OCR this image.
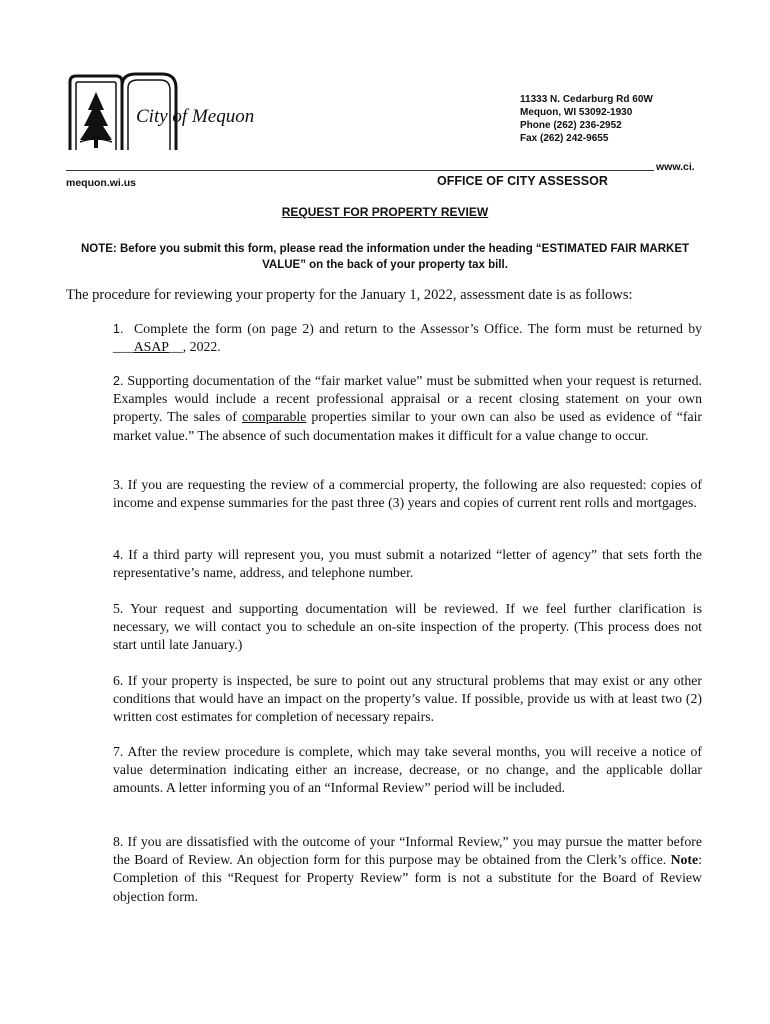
City of Mequon
11333 N. Cedarburg Rd 60W
Mequon, WI 53092-1930
Phone (262) 236-2952
Fax (262) 242-9655
www.ci.
mequon.wi.us	OFFICE OF CITY ASSESSOR
REQUEST FOR PROPERTY REVIEW
NOTE: Before you submit this form, please read the information under the heading “ESTIMATED FAIR MARKET VALUE” on the back of your property tax bill.
The procedure for reviewing your property for the January 1, 2022, assessment date is as follows:
1. Complete the form (on page 2) and return to the Assessor’s Office. The form must be returned by ___ASAP__, 2022.
2. Supporting documentation of the “fair market value” must be submitted when your request is returned. Examples would include a recent professional appraisal or a recent closing statement on your own property. The sales of comparable properties similar to your own can also be used as evidence of “fair market value.” The absence of such documentation makes it difficult for a value change to occur.
3. If you are requesting the review of a commercial property, the following are also requested: copies of income and expense summaries for the past three (3) years and copies of current rent rolls and mortgages.
4. If a third party will represent you, you must submit a notarized “letter of agency” that sets forth the representative’s name, address, and telephone number.
5. Your request and supporting documentation will be reviewed. If we feel further clarification is necessary, we will contact you to schedule an on-site inspection of the property. (This process does not start until late January.)
6. If your property is inspected, be sure to point out any structural problems that may exist or any other conditions that would have an impact on the property’s value. If possible, provide us with at least two (2) written cost estimates for completion of necessary repairs.
7. After the review procedure is complete, which may take several months, you will receive a notice of value determination indicating either an increase, decrease, or no change, and the applicable dollar amounts. A letter informing you of an “Informal Review” period will be included.
8. If you are dissatisfied with the outcome of your “Informal Review,” you may pursue the matter before the Board of Review. An objection form for this purpose may be obtained from the Clerk’s office. Note: Completion of this “Request for Property Review” form is not a substitute for the Board of Review objection form.
